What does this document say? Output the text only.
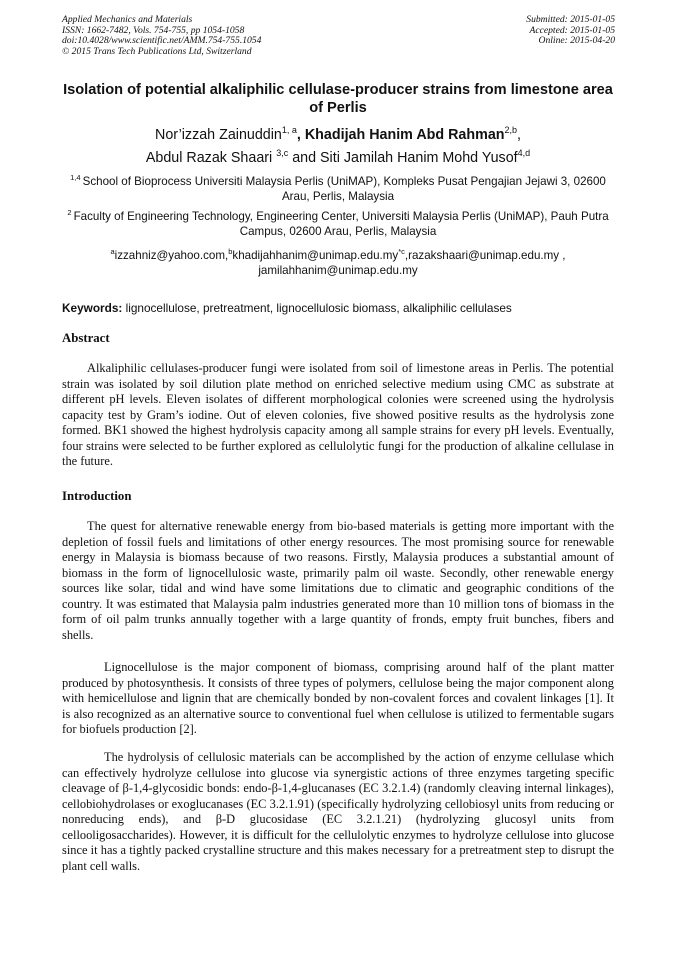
Applied Mechanics and Materials
ISSN: 1662-7482, Vols. 754-755, pp 1054-1058
doi:10.4028/www.scientific.net/AMM.754-755.1054
© 2015 Trans Tech Publications Ltd, Switzerland
Submitted: 2015-01-05
Accepted: 2015-01-05
Online: 2015-04-20
Isolation of potential alkaliphilic cellulase-producer strains from limestone area of Perlis
Nor’izzah Zainuddin$^{1, a}$, Khadijah Hanim Abd Rahman$^{2,b}$,
Abdul Razak Shaari $^{3,c}$ and Siti Jamilah Hanim Mohd Yusof$^{4,d}$
$^{1,4}$ School of Bioprocess Universiti Malaysia Perlis (UniMAP), Kompleks Pusat Pengajian Jejawi 3, 02600 Arau, Perlis, Malaysia
$^2$ Faculty of Engineering Technology, Engineering Center, Universiti Malaysia Perlis (UniMAP), Pauh Putra Campus, 02600 Arau, Perlis, Malaysia
$^aizzahniz@yahoo.com,^bkhadijahhanim@unimap.edu.my^{*c},razakshaari@unimap.edu.my$ ,
jamilahhanim@unimap.edu.my
Keywords: lignocellulose, pretreatment, lignocellulosic biomass, alkaliphilic cellulases
Abstract

Alkaliphilic cellulases-producer fungi were isolated from soil of limestone areas in Perlis. The potential strain was isolated by soil dilution plate method on enriched selective medium using CMC as substrate at different pH levels. Eleven isolates of different morphological colonies were screened using the hydrolysis capacity test by Gram’s iodine. Out of eleven colonies, five showed positive results as the hydrolysis zone formed. BK1 showed the highest hydrolysis capacity among all sample strains for every pH levels. Eventually, four strains were selected to be further explored as cellulolytic fungi for the production of alkaline cellulase in the future.

Introduction

The quest for alternative renewable energy from bio-based materials is getting more important with the depletion of fossil fuels and limitations of other energy resources. The most promising source for renewable energy in Malaysia is biomass because of two reasons. Firstly, Malaysia produces a substantial amount of biomass in the form of lignocellulosic waste, primarily palm oil waste. Secondly, other renewable energy sources like solar, tidal and wind have some limitations due to climatic and geographic conditions of the country. It was estimated that Malaysia palm industries generated more than 10 million tons of biomass in the form of oil palm trunks annually together with a large quantity of fronds, empty fruit bunches, fibers and shells.

Lignocellulose is the major component of biomass, comprising around half of the plant matter produced by photosynthesis. It consists of three types of polymers, cellulose being the major component along with hemicellulose and lignin that are chemically bonded by non-covalent forces and covalent linkages [1]. It is also recognized as an alternative source to conventional fuel when cellulose is utilized to fermentable sugars for biofuels production [2].

The hydrolysis of cellulosic materials can be accomplished by the action of enzyme cellulase which can effectively hydrolyze cellulose into glucose via synergistic actions of three enzymes targeting specific cleavage of β-1,4-glycosidic bonds: endo-β-1,4-glucanases (EC 3.2.1.4) (randomly cleaving internal linkages), cellobiohydrolases or exoglucanases (EC 3.2.1.91) (specifically hydrolyzing cellobiosyl units from reducing or nonreducing ends), and β-D glucosidase (EC 3.2.1.21) (hydrolyzing glucosyl units from cellooligosaccharides). However, it is difficult for the cellulolytic enzymes to hydrolyze cellulose into glucose since it has a tightly packed crystalline structure and this makes necessary for a pretreatment step to disrupt the plant cell walls.
